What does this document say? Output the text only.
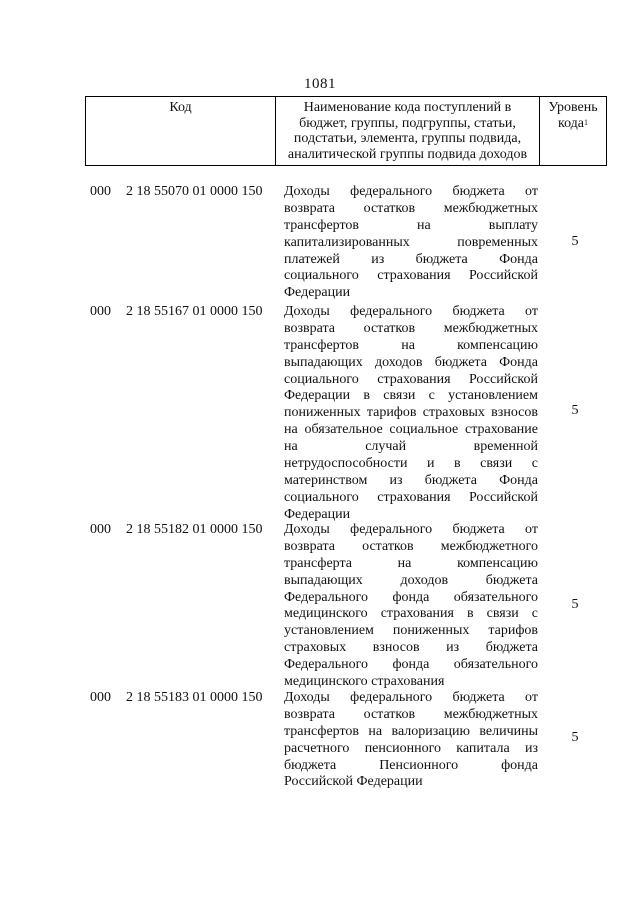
1081
Код	Наименование кода поступлений в
бюджет, группы, подгруппы, статьи,
подстатьи, элемента, группы подвида,
аналитической группы подвида доходов
Уровень
кода$^1$
000 2 18 55070 01 0000 150 Доходы федерального бюджета от
возврата остатков межбюджетных
трансфертов на выплату
капитализированных повременных
платежей из бюджета Фонда
социального страхования Российской
Федерации
5
000 2 18 55167 01 0000 150 Доходы федерального бюджета от
возврата остатков межбюджетных
трансфертов на компенсацию
выпадающих доходов бюджета Фонда
социального страхования Российской
Федерации в связи с установлением
пониженных тарифов страховых взносов
на обязательное социальное страхование
на случай временной
нетрудоспособности и в связи с
материнством из бюджета Фонда
социального страхования Российской
Федерации
5
000 2 18 55182 01 0000 150 Доходы федерального бюджета от
возврата остатков межбюджетного
трансферта на компенсацию
выпадающих доходов бюджета
Федерального фонда обязательного
медицинского страхования в связи с
установлением пониженных тарифов
страховых взносов из бюджета
Федерального фонда обязательного
медицинского страхования
5
000 2 18 55183 01 0000 150 Доходы федерального бюджета от
возврата остатков межбюджетных
трансфертов на валоризацию величины
расчетного пенсионного капитала из
бюджета Пенсионного фонда
Российской Федерации
5
